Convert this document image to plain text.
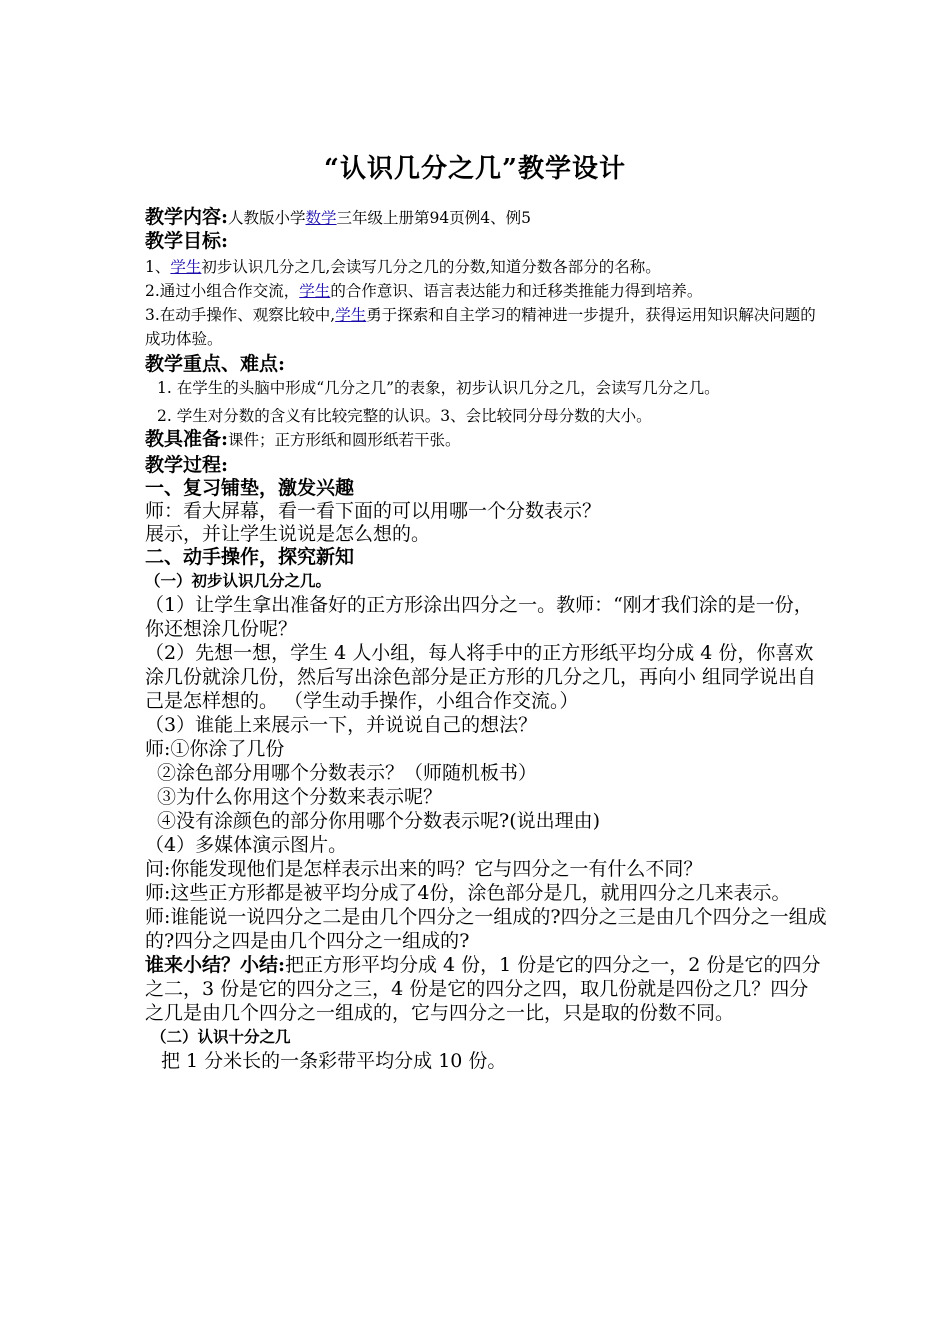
“认识几分之几”教学设计

教学内容:人教版小学数学三年级上册第94页例4、例5

教学目标:

1、学生初步认识几分之几,会读写几分之几的分数,知道分数各部分的名称。

2.通过小组合作交流，学生的合作意识、语言表达能力和迁移类推能力得到培养。

3.在动手操作、观察比较中,学生勇于探索和自主学习的精神进一步提升，获得运用知识解决问题的成功体验。

教学重点、难点:

1. 在学生的头脑中形成“几分之几”的表象，初步认识几分之几，会读写几分之几。

2. 学生对分数的含义有比较完整的认识。3、会比较同分母分数的大小。

教具准备:课件；正方形纸和圆形纸若干张。

教学过程:

一、复习铺垫，激发兴趣

师：看大屏幕，看一看下面的可以用哪一个分数表示？

展示，并让学生说说是怎么想的。

二、动手操作，探究新知

（一）初步认识几分之几。

（1）让学生拿出准备好的正方形涂出四分之一。教师：“刚才我们涂的是一份，你还想涂几份呢？

（2）先想一想，学生 4 人小组，每人将手中的正方形纸平均分成 4 份，你喜欢涂几份就涂几份，然后写出涂色部分是正方形的几分之几，再向小 组同学说出自己是怎样想的。 （学生动手操作，小组合作交流。）

（3）谁能上来展示一下，并说说自己的想法？

师:①你涂了几份

②涂色部分用哪个分数表示？（师随机板书）

③为什么你用这个分数来表示呢？

④没有涂颜色的部分你用哪个分数表示呢?(说出理由)

（4）多媒体演示图片。

问:你能发现他们是怎样表示出来的吗？它与四分之一有什么不同？

师:这些正方形都是被平均分成了4份，涂色部分是几，就用四分之几来表示。

师:谁能说一说四分之二是由几个四分之一组成的?四分之三是由几个四分之一组成的?四分之四是由几个四分之一组成的?

谁来小结？小结:把正方形平均分成 4 份，1 份是它的四分之一，2 份是它的四分之二，3 份是它的四分之三，4 份是它的四分之四，取几份就是四份之几？四分之几是由几个四分之一组成的，它与四分之一比，只是取的份数不同。

（二）认识十分之几

把 1 分米长的一条彩带平均分成 10 份。
